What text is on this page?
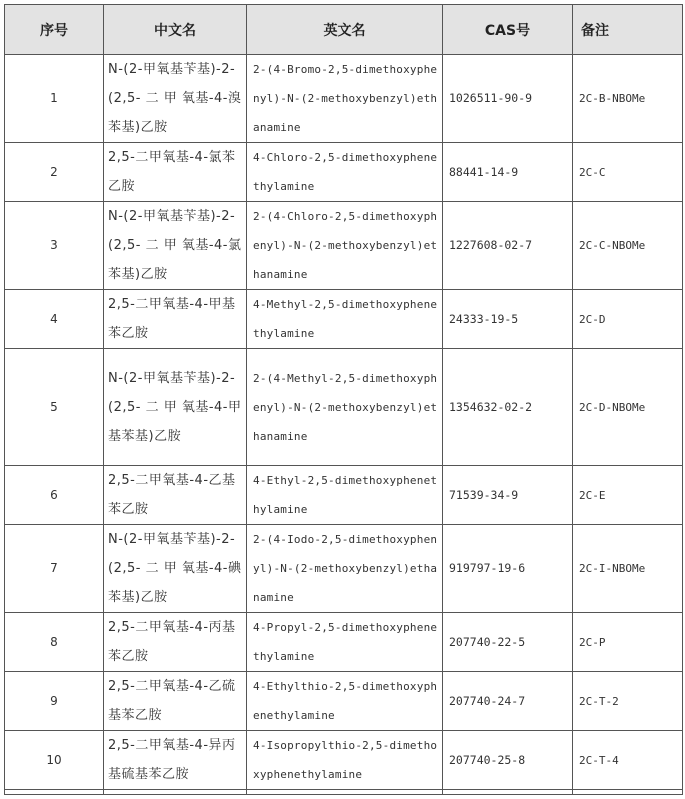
序号	中文名	英文名	CAS号	备注
1	N-(2-甲氧基苄基)-2-(2,5- 二 甲 氧基-4-溴苯基)乙胺	2-(4-Bromo-2,5-dimethoxyphenyl)-N-(2-methoxybenzyl)ethanamine	1026511-90-9	2C-B-NBOMe
2	2,5-二甲氧基-4-氯苯乙胺	4-Chloro-2,5-dimethoxyphenethylamine	88441-14-9	2C-C
3	N-(2-甲氧基苄基)-2-(2,5- 二 甲 氧基-4-氯苯基)乙胺	2-(4-Chloro-2,5-dimethoxyphenyl)-N-(2-methoxybenzyl)ethanamine	1227608-02-7	2C-C-NBOMe
4	2,5-二甲氧基-4-甲基苯乙胺	4-Methyl-2,5-dimethoxyphenethylamine	24333-19-5	2C-D
5	N-(2-甲氧基苄基)-2-(2,5- 二 甲 氧基-4-甲基苯基)乙胺	2-(4-Methyl-2,5-dimethoxyphenyl)-N-(2-methoxybenzyl)ethanamine	1354632-02-2	2C-D-NBOMe
6	2,5-二甲氧基-4-乙基苯乙胺	4-Ethyl-2,5-dimethoxyphenethylamine	71539-34-9	2C-E
7	N-(2-甲氧基苄基)-2-(2,5- 二 甲 氧基-4-碘苯基)乙胺	2-(4-Iodo-2,5-dimethoxyphenyl)-N-(2-methoxybenzyl)ethanamine	919797-19-6	2C-I-NBOMe
8	2,5-二甲氧基-4-丙基苯乙胺	4-Propyl-2,5-dimethoxyphenethylamine	207740-22-5	2C-P
9	2,5-二甲氧基-4-乙硫基苯乙胺	4-Ethylthio-2,5-dimethoxyphenethylamine	207740-24-7	2C-T-2
10	2,5-二甲氧基-4-异丙基硫基苯乙胺	4-Isopropylthio-2,5-dimethoxyphenethylamine	207740-25-8	2C-T-4
